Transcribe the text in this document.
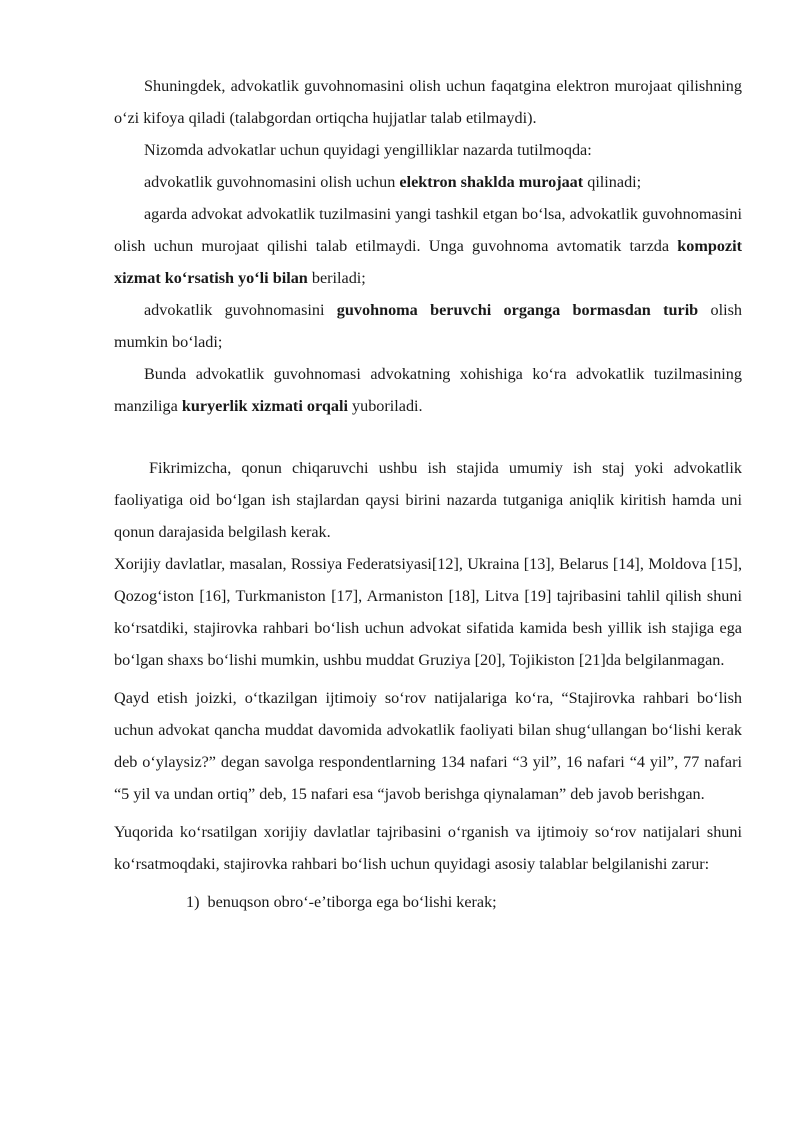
Shuningdek, advokatlik guvohnomasini olish uchun faqatgina elektron murojaat qilishning oʻzi kifoya qiladi (talabgordan ortiqcha hujjatlar talab etilmaydi).

Nizomda advokatlar uchun quyidagi yengilliklar nazarda tutilmoqda:

advokatlik guvohnomasini olish uchun elektron shaklda murojaat qilinadi;

agarda advokat advokatlik tuzilmasini yangi tashkil etgan boʻlsa, advokatlik guvohnomasini olish uchun murojaat qilishi talab etilmaydi. Unga guvohnoma avtomatik tarzda kompozit xizmat koʻrsatish yoʻli bilan beriladi;

advokatlik guvohnomasini guvohnoma beruvchi organga bormasdan turib olish mumkin boʻladi;

Bunda advokatlik guvohnomasi advokatning xohishiga koʻra advokatlik tuzilmasining manziliga kuryerlik xizmati orqali yuboriladi.

Fikrimizcha, qonun chiqaruvchi ushbu ish stajida umumiy ish staj yoki advokatlik faoliyatiga oid boʻlgan ish stajlardan qaysi birini nazarda tutganiga aniqlik kiritish hamda uni qonun darajasida belgilash kerak.

Xorijiy davlatlar, masalan, Rossiya Federatsiyasi[12], Ukraina [13], Belarus [14], Moldova [15], Qozogʻiston [16], Turkmaniston [17], Armaniston [18], Litva [19] tajribasini tahlil qilish shuni koʻrsatdiki, stajirovka rahbari boʻlish uchun advokat sifatida kamida besh yillik ish stajiga ega boʻlgan shaxs boʻlishi mumkin, ushbu muddat Gruziya [20], Tojikiston [21]da belgilanmagan.

Qayd etish joizki, oʻtkazilgan ijtimoiy soʻrov natijalariga koʻra, “Stajirovka rahbari boʻlish uchun advokat qancha muddat davomida advokatlik faoliyati bilan shugʻullangan boʻlishi kerak deb oʻylaysiz?” degan savolga respondentlarning 134 nafari “3 yil”, 16 nafari “4 yil”, 77 nafari “5 yil va undan ortiq” deb, 15 nafari esa “javob berishga qiynalaman” deb javob berishgan.

Yuqorida koʻrsatilgan xorijiy davlatlar tajribasini oʻrganish va ijtimoiy soʻrov natijalari shuni koʻrsatmoqdaki, stajirovka rahbari boʻlish uchun quyidagi asosiy talablar belgilanishi zarur:

1) benuqson obroʻ-eʼtiborga ega boʻlishi kerak;
